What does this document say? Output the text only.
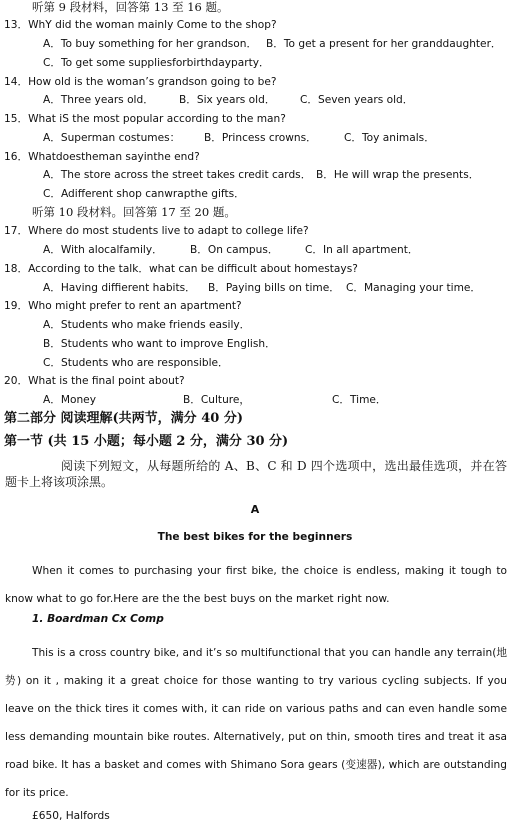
听第 9 段材料，回答第 13 至 16 题。
13．WhY did the woman mainly Come to the shop?
A．To buy something for her grandson． B．To get a present for her granddaughter．
C．To get some suppliesforbirthdayparty．
14．How old is the woman’s grandson going to be?
A．Three years old． B．Six years old． C．Seven years old．
15．What iS the most popular according to the man?
A．Superman costumes： B．Princess crowns．	C．Toy animals．
16．Whatdoestheman sayinthe end?
A．The store across the street takes credit cards． B．He will wrap the presents．
C．Adifferent shop canwrapthe gifts．
听第 10 段材料。回答第 17 至 20 题。
17．Where do most students live to adapt to college life?
A．With alocalfamily．	B．On campus．	C．In all apartment．
18．According to the talk．what can be difficult about homestays?
A．Having diffierent habits． B．Paying bills on time． C．Managing your time．
19．Who might prefer to rent an apartment?
A．Students who make friends easily．
B．Students who want to improve English．
C．Students who are responsible．
20．What is the final point about?
A．Money	B．Culture，	C．Time．
第二部分 阅读理解(共两节，满分 40 分)
第一节 (共 15 小题；每小题 2 分，满分 30 分)
阅读下列短文，从每题所给的 A、B、C 和 D 四个选项中，选出最佳选项，并在答题卡上将该项涂黑。
A
The best bikes for the beginners
When it comes to purchasing your first bike, the choice is endless, making it tough to know what to go for.Here are the the best buys on the market right now.
1. Boardman Cx Comp
This is a cross country bike, and it’s so multifunctional that you can handle any terrain(地势) on it , making it a great choice for those wanting to try various cycling subjects. If you leave on the thick tires it comes with, it can ride on various paths and can even handle some less demanding mountain bike routes. Alternatively, put on thin, smooth tires and treat it asa road bike. It has a basket and comes with Shimano Sora gears (变速器), which are outstanding for its price.
£650, Halfords
